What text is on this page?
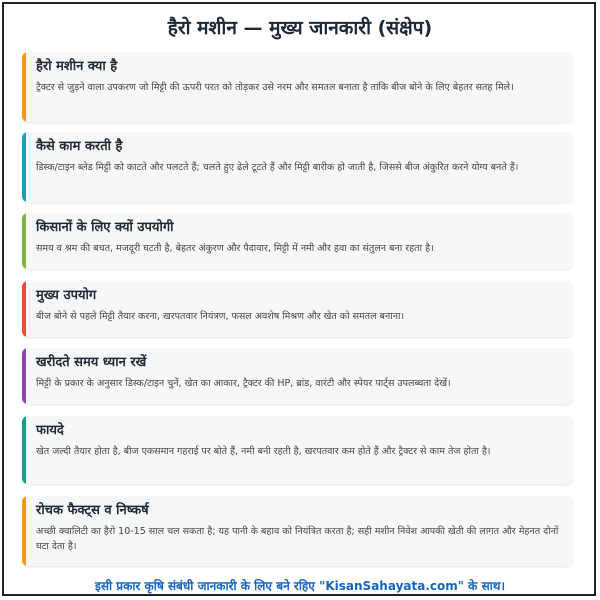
हैरो मशीन — मुख्य जानकारी (संक्षेप)
हैरो मशीन क्या है

ट्रैक्टर से जुड़ने वाला उपकरण जो मिट्टी की ऊपरी परत को तोड़कर उसे नरम और समतल बनाता है ताकि बीज बोने के लिए बेहतर सतह मिले।

कैसे काम करती है

डिस्क/टाइन ब्लेड मिट्टी को काटते और पलटते हैं; चलते हुए ढेले टूटते हैं और मिट्टी बारीक हो जाती है, जिससे बीज अंकुरित करने योग्य बनते हैं।

किसानों के लिए क्यों उपयोगी

समय व श्रम की बचत, मजदूरी घटती है, बेहतर अंकुरण और पैदावार, मिट्टी में नमी और हवा का संतुलन बना रहता है।

मुख्य उपयोग

बीज बोने से पहले मिट्टी तैयार करना, खरपतवार नियंत्रण, फसल अवशेष मिश्रण और खेत को समतल बनाना।

खरीदते समय ध्यान रखें

मिट्टी के प्रकार के अनुसार डिस्क/टाइन चुनें, खेत का आकार, ट्रैक्टर की HP, ब्रांड, वारंटी और स्पेयर पार्ट्स उपलब्धता देखें।

फायदे

खेत जल्दी तैयार होता है, बीज एकसमान गहराई पर बोते हैं, नमी बनी रहती है, खरपतवार कम होते हैं और ट्रैक्टर से काम तेज होता है।

रोचक फैक्ट्स व निष्कर्ष

अच्छी क्वालिटी का हैरो 10-15 साल चल सकता है; यह पानी के बहाव को नियंत्रित करता है; सही मशीन निवेश आपकी खेती की लागत और मेहनत दोनों घटा देता है।

इसी प्रकार कृषि संबंधी जानकारी के लिए बने रहिए "KisanSahayata.com" के साथ।
